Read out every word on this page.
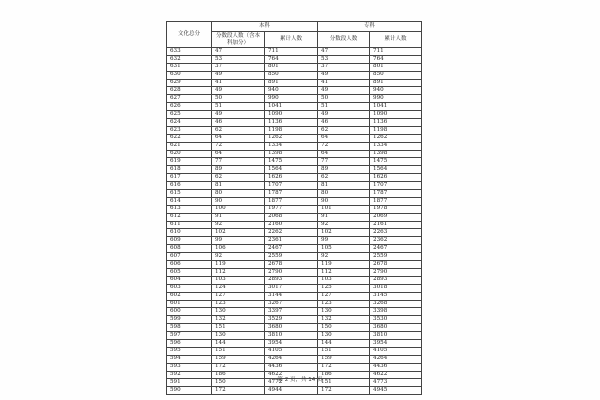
文化总分	本科		专科	
	分数段人数（含本科加分）	累计人数	分数段人数	累计人数
633	47	711	47	711
632	53	764	53	764
631	37	801	37	801
630	49	850	49	850
629	41	891	41	891
628	49	940	49	940
627	50	990	50	990
626	51	1041	51	1041
625	49	1090	49	1090
624	46	1136	46	1136
623	62	1198	62	1198
622	64	1262	64	1262
621	72	1334	72	1334
620	64	1398	64	1398
619	77	1475	77	1475
618	89	1564	89	1564
617	62	1626	62	1626
616	81	1707	81	1707
615	80	1787	80	1787
614	90	1877	90	1877
613	100	1977	101	1978
612	91	2068	91	2069
611	92	2160	92	2161
610	102	2262	102	2263
609	99	2361	99	2362
608	106	2467	105	2467
607	92	2559	92	2559
606	119	2678	119	2678
605	112	2790	112	2790
604	103	2893	103	2893
603	124	3017	125	3018
602	127	3144	127	3145
601	123	3267	123	3268
600	130	3397	130	3398
599	132	3529	132	3530
598	151	3680	150	3680
597	130	3810	130	3810
596	144	3954	144	3954
595	151	4105	151	4105
594	159	4264	159	4264
593	172	4436	172	4436
592	186	4622	186	4622
591	150	4772	151	4773
590	172	4944	172	4945
第 2 页，共 14 页
